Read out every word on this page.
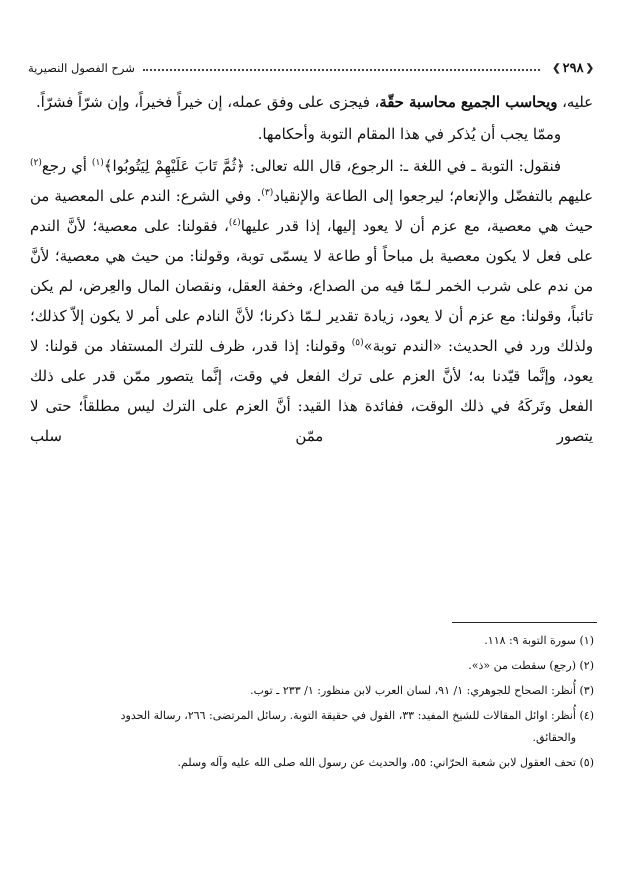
❮
٢٩٨
❯
شرح الفصول النصيرية

عليه، ويحاسب الجميع محاسبة حقّة، فيجزى على وفق عمله، إن خيراً فخيراً، وإن شرّاً فشرّاً.

وممّا يجب أن يُذكر في هذا المقام التوبة وأحكامها.

فنقول: التوبة ـ في اللغة ـ: الرجوع، قال الله تعالى: ﴿ثُمَّ تَابَ عَلَيْهِمْ لِيَتُوبُوا﴾$^{(١)}$ أي رجع$^{(٢)}$ عليهم بالتفضّل والإنعام؛ ليرجعوا إلى الطاعة والإنقياد$^{(٣)}$. وفي الشرع: الندم على المعصية من حيث هي معصية، مع عزم أن لا يعود إليها، إذا قدر عليها$^{(٤)}$، فقولنا: على معصية؛ لأنَّ الندم على فعل لا يكون معصية بل مباحاً أو طاعة لا يسمّى توبة، وقولنا: من حيث هي معصية؛ لأنَّ من ندم على شرب الخمر لـمّا فيه من الصداع، وخفة العقل، ونقصان المال والعِرض، لم يكن تائباً، وقولنا: مع عزم أن لا يعود، زيادة تقدير لـمّا ذكرنا؛ لأنَّ النادم على أمر لا يكون إلاّ كذلك؛ ولذلك ورد في الحديث: «الندم توبة»$^{(٥)}$ وقولنا: إذا قدر، ظرف للترك المستفاد من قولنا: لا يعود، وإنَّما قيّدنا به؛ لأنَّ العزم على ترك الفعل في وقت، إنَّما يتصور ممّن قدر على ذلك الفعل وتَركَهُ في ذلك الوقت، ففائدة هذا القيد: أنَّ العزم على الترك ليس مطلقاً؛ حتى لا يتصور ممّن سلب

(١) سورة التوبة ٩: ١١٨.
(٢) (رجع) سقطت من «ذ».
(٣) أُنظر: الصحاح للجوهري: ١/ ٩١، لسان العرب لابن منظور: ١/ ٢٣٣ ـ توب.
(٤) أُنظر: اوائل المقالات للشيخ المفيد: ٣٣، القول في حقيقة التوبة. رسائل المرتضى: ٢٦٦، رسالة الحدود
والحقائق.
(٥) تحف العقول لابن شعبة الحرّاني: ٥٥، والحديث عن رسول الله صلى الله عليه وآله وسلم.
